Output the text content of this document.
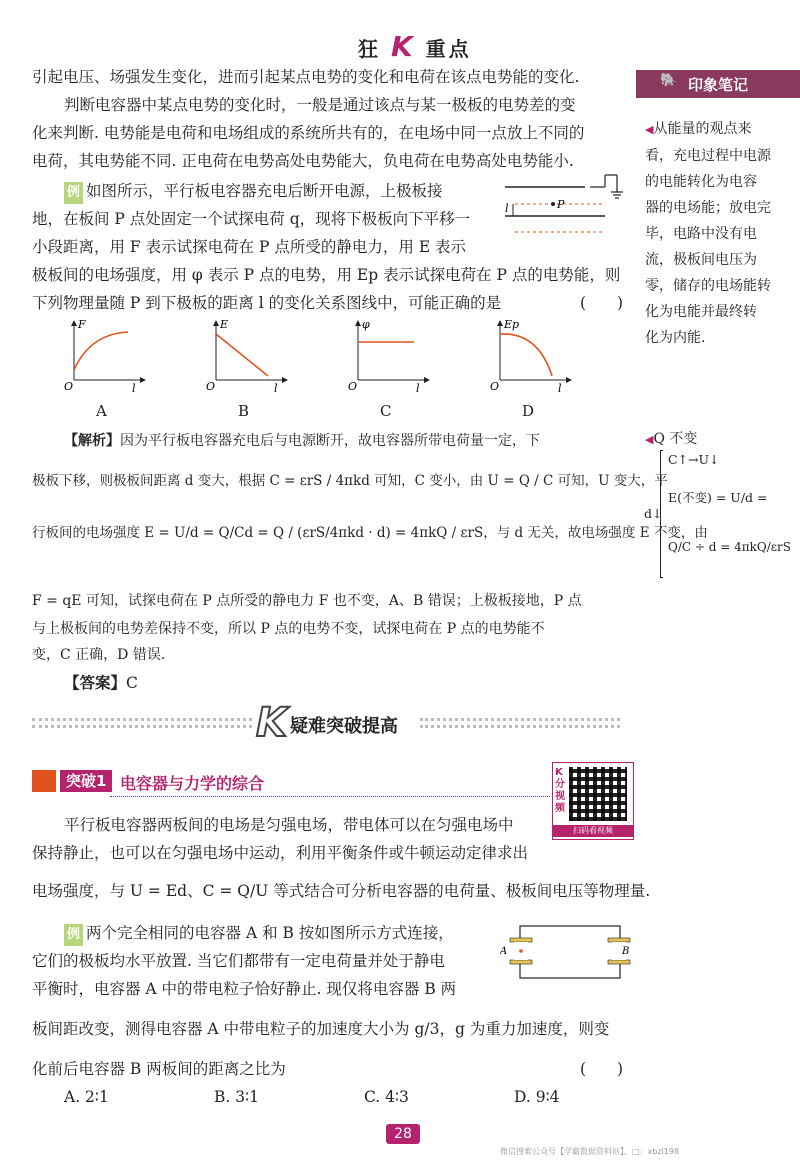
狂 K 重点
引起电压、场强发生变化，进而引起某点电势的变化和电荷在该点电势能的变化.
判断电容器中某点电势的变化时，一般是通过该点与某一极板的电势差的变
化来判断. 电势能是电荷和电场组成的系统所共有的，在电场中同一点放上不同的
电荷，其电势能不同. 正电荷在电势高处电势能大，负电荷在电势高处电势能小.
🐘 印象笔记
◀从能量的观点来
看，充电过程中电源
的电能转化为电容
器的电场能；放电完
毕，电路中没有电
流，极板间电压为
零，储存的电场能转
化为电能并最终转
化为内能.
例 如图所示，平行板电容器充电后断开电源，上极板接
地，在板间 P 点处固定一个试探电荷 q，现将下极板向下平移一
小段距离，用 F 表示试探电荷在 P 点所受的静电力，用 E 表示
极板间的电场强度，用 φ 表示 P 点的电势，用 Ep 表示试探电荷在 P 点的电势能，则
下列物理量随 P 到下极板的距离 l 的变化关系图线中，可能正确的是	(　　)
P
l
F
O	l
E
O	l
φ
O	l
Ep
O	l
A	B	C	D
【解析】因为平行板电容器充电后与电源断开，故电容器所带电荷量一定，下
极板下移，则极板间距离 d 变大，根据 C = εrS / 4πkd 可知，C 变小，由 U = Q / C 可知，U 变大，平
行板间的电场强度 E = U/d = Q/Cd = Q / (εrS/4πkd · d) = 4πkQ / εrS，与 d 无关，故电场强度 E 不变，由
F = qE 可知，试探电荷在 P 点所受的静电力 F 也不变，A、B 错误；上极板接地，P 点
与上极板间的电势差保持不变，所以 P 点的电势不变，试探电荷在 P 点的电势能不
变，C 正确，D 错误.
【答案】C
◀Q 不变
C↑→U↓
E(不变) = U/d =
d↓
Q/C ÷ d = 4πkQ/εrS
K 疑难突破提高
突破1 电容器与力学的综合
K分视频
扫码看视频
平行板电容器两板间的电场是匀强电场，带电体可以在匀强电场中
保持静止，也可以在匀强电场中运动，利用平衡条件或牛顿运动定律求出
电场强度，与 U = Ed、C = Q/U 等式结合可分析电容器的电荷量、极板间电压等物理量.
例 两个完全相同的电容器 A 和 B 按如图所示方式连接，
它们的极板均水平放置. 当它们都带有一定电荷量并处于静电
平衡时，电容器 A 中的带电粒子恰好静止. 现仅将电容器 B 两
板间距改变，测得电容器 A 中带电粒子的加速度大小为 g/3，g 为重力加速度，则变
化前后电容器 B 两板间的距离之比为	(　　)
A	B
A. 2∶1	B. 3∶1	C. 4∶3	D. 9∶4
28
微信搜索公众号【学霸数据资料站】，□：xbzl198
